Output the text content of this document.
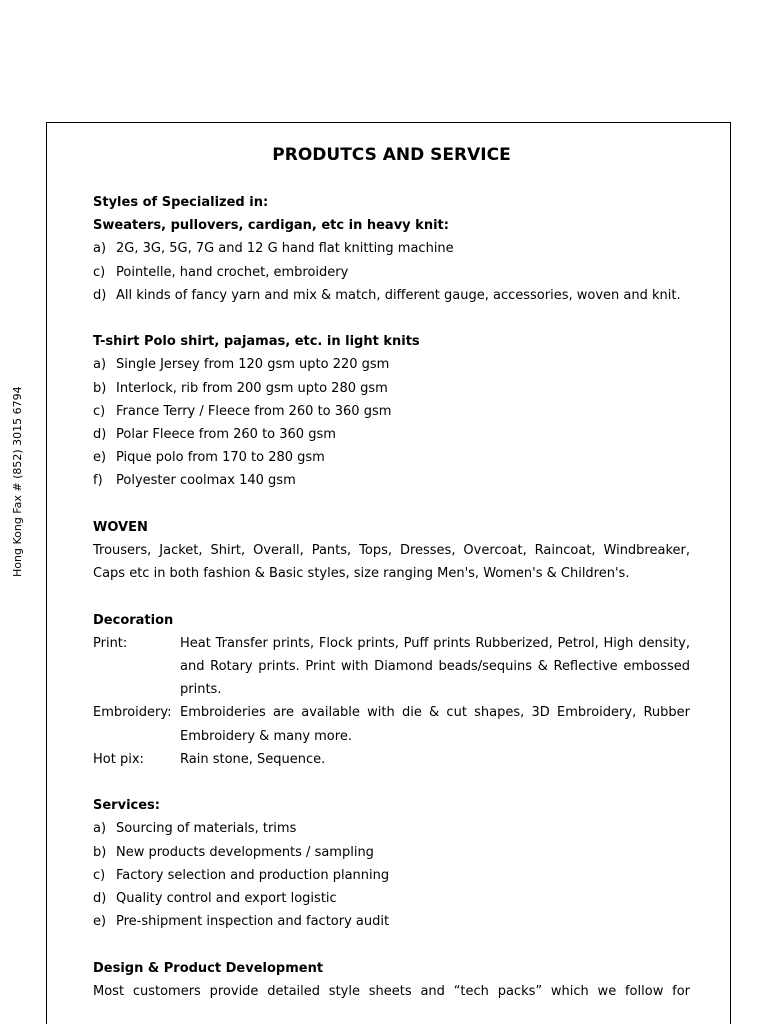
Hong Kong Fax # (852) 3015 6794
PRODUTCS AND SERVICE
Styles of Specialized in:
Sweaters, pullovers, cardigan, etc in heavy knit:
a) 2G, 3G, 5G, 7G and 12 G hand flat knitting machine
c) Pointelle, hand crochet, embroidery
d) All kinds of fancy yarn and mix & match, different gauge, accessories, woven and knit.
T-shirt Polo shirt, pajamas, etc. in light knits
a) Single Jersey from 120 gsm upto 220 gsm
b) Interlock, rib from 200 gsm upto 280 gsm
c) France Terry / Fleece from 260 to 360 gsm
d) Polar Fleece from 260 to 360 gsm
e) Pique polo from 170 to 280 gsm
f)	Polyester coolmax 140 gsm
WOVEN
Trousers, Jacket, Shirt, Overall, Pants, Tops, Dresses, Overcoat, Raincoat, Windbreaker, Caps etc in both fashion & Basic styles, size ranging Men's, Women's & Children's.
Decoration
Print:	Heat Transfer prints, Flock prints, Puff prints Rubberized, Petrol, High density, and Rotary prints. Print with Diamond beads/sequins & Reflective embossed prints.
Embroidery: Embroideries are available with die & cut shapes, 3D Embroidery, Rubber Embroidery & many more.
Hot pix:	Rain stone, Sequence.
Services:
a) Sourcing of materials, trims
b) New products developments / sampling
c) Factory selection and production planning
d) Quality control and export logistic
e) Pre-shipment inspection and factory audit
Design & Product Development
Most customers provide detailed style sheets and “tech packs” which we follow for
